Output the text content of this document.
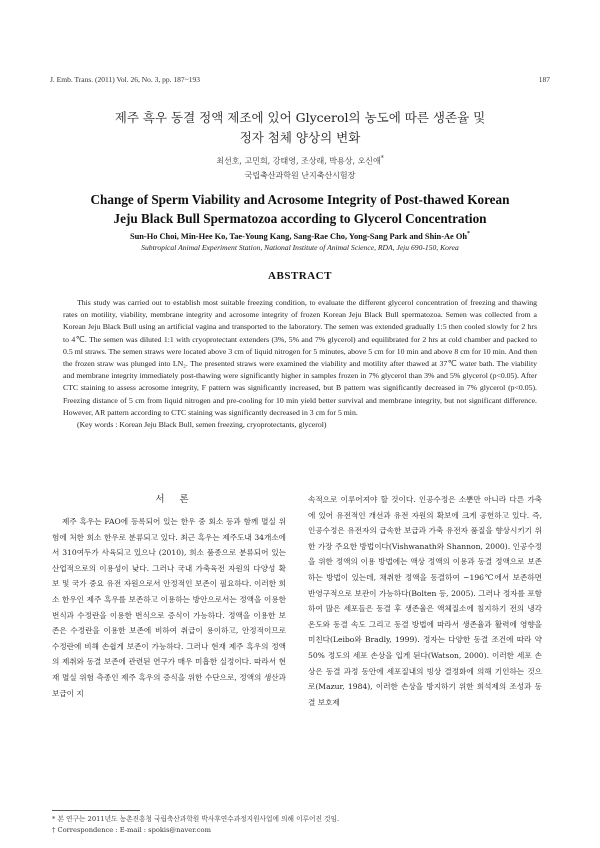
J. Emb. Trans. (2011) Vol. 26, No. 3, pp. 187~193	187
제주 흑우 동결 정액 제조에 있어 Glycerol의 농도에 따른 생존율 및
정자 첨체 양상의 변화
최선호, 고민희, 강태영, 조상래, 박용상, 오신애*
국립축산과학원 난지축산시험장
Change of Sperm Viability and Acrosome Integrity of Post-thawed Korean
Jeju Black Bull Spermatozoa according to Glycerol Concentration
Sun-Ho Choi, Min-Hee Ko, Tae-Young Kang, Sang-Rae Cho, Yong-Sang Park and Shin-Ae Oh*
Subtropical Animal Experiment Station, National Institute of Animal Science, RDA, Jeju 690-150, Korea
ABSTRACT

This study was carried out to establish most suitable freezing condition, to evaluate the different glycerol concentration of freezing and thawing rates on motility, viability, membrane integrity and acrosome integrity of frozen Korean Jeju Black Bull spermatozoa. Semen was collected from a Korean Jeju Black Bull using an artificial vagina and transported to the laboratory. The semen was extended gradually 1:5 then cooled slowly for 2 hrs to 4℃. The semen was diluted 1:1 with cryoprotectant extenders (3%, 5% and 7% glycerol) and equilibrated for 2 hrs at cold chamber and packed to 0.5 ml straws. The semen straws were located above 3 cm of liquid nitrogen for 5 minutes, above 5 cm for 10 min and above 8 cm for 10 min. And then the frozen straw was plunged into LN₂. The presented straws were examined the viability and motility after thawed at 37℃ water bath. The viability and membrane integrity immediately post-thawing were significantly higher in samples frozen in 7% glycerol than 3% and 5% glycerol (p<0.05). After CTC staining to assess acrosome integrity, F pattern was significantly increased, but B pattern was significantly decreased in 7% glycerol (p<0.05). Freezing distance of 5 cm from liquid nitrogen and pre-cooling for 10 min yield better survival and membrane integrity, but not significant difference. However, AR pattern according to CTC staining was significantly decreased in 3 cm for 5 min.

(Key words : Korean Jeju Black Bull, semen freezing, cryoprotectants, glycerol)

서 론

제주 흑우는 FAO에 등록되어 있는 한우 중 회소 등과 함께 멸실 위험에 처한 희소 한우로 분류되고 있다. 최근 흑우는 제주도내 34개소에서 310여두가 사육되고 있으나 (2010), 희소 품종으로 분류되어 있는 산업적으로의 이용성이 낮다. 그러나 국내 가축육전 자원의 다양성 확보 및 국가 중요 유전 자원으로서 안정적인 보존이 필요하다. 이러한 희소 한우인 제주 흑우를 보존하고 이용하는 방안으로서는 정액을 이용한 번식과 수정란을 이용한 번식으로 증식이 가능하다. 정액을 이용한 보존은 수정란을 이용한 보존에 비하여 취급이 용이하고, 안정적이므로 수정란에 비해 손쉽게 보존이 가능하다. 그러나 현재 제주 흑우의 정액의 제취와 동결 보존에 관련된 연구가 매우 미흡한 실정이다. 따라서 현재 멸실 위험 측종인 제주 흑우의 증식을 위한 수단으로, 정액의 생산과 보급이 지

속적으로 이루어져야 할 것이다. 인공수정은 소뿐만 아니라 다른 가축에 있어 유전적인 개선과 유전 자원의 확보에 크게 공헌하고 있다. 즉, 인공수정은 유전자의 급속한 보급과 가축 유전자 품질을 향상시키기 위한 가장 주요한 방법이다(Vishwanath와 Shannon, 2000). 인공수정을 위한 정액의 이용 방법에는 액상 정액의 이용과 동결 정액으로 보존하는 방법이 있는데, 채취한 정액을 동결하여 −196℃에서 보존하면 반영구적으로 보관이 가능하다(Bolten 등, 2005). 그러나 정자를 포함하여 많은 세포들은 동결 후 생존율은 액체질소에 침지하기 전의 냉각 온도와 동결 속도 그리고 동결 방법에 따라서 생존율과 활력에 영향을 미친다(Leibo와 Bradly, 1999). 정자는 다양한 동결 조건에 따라 약 50% 정도의 세포 손상을 입게 된다(Watson, 2000). 이러한 세포 손상은 동결 과정 동안에 세포질내의 빙상 결정화에 의해 기인하는 것으로(Mazur, 1984), 이러한 손상을 방지하기 위한 희석제의 조성과 동결 보호제

* 본 연구는 2011년도 농촌진흥청 국립축산과학원 박사후연수과정지원사업에 의해 이루어진 것임.
† Correspondence : E-mail : spokis@naver.com
